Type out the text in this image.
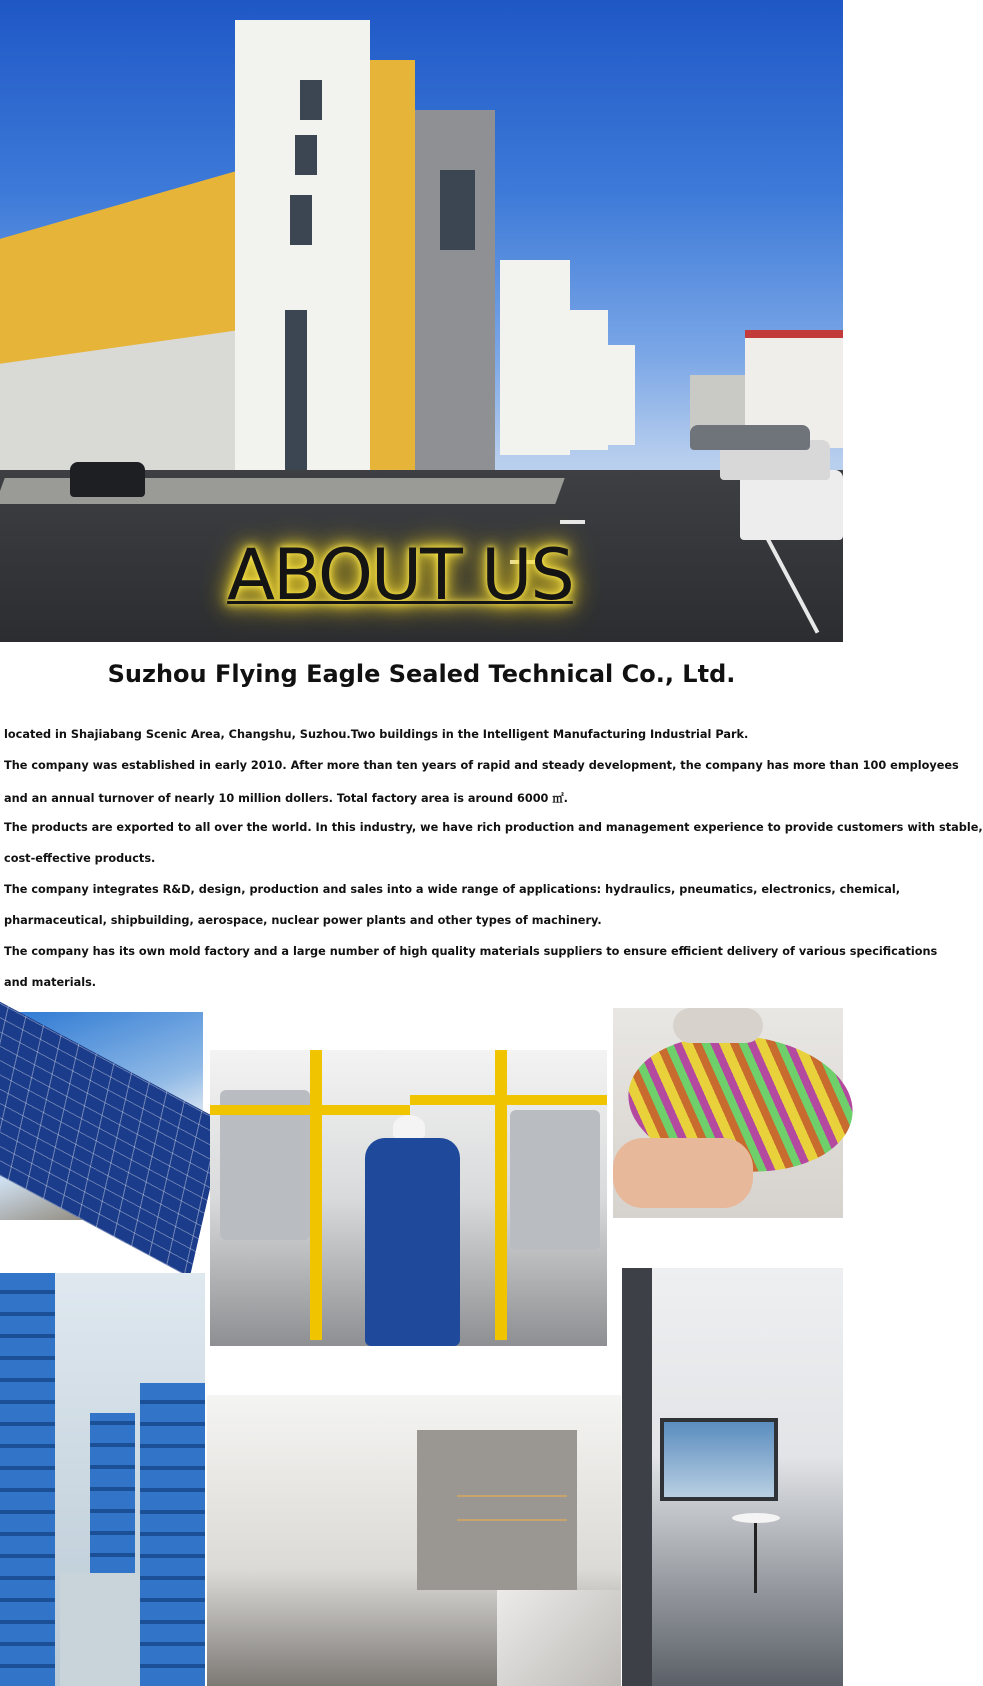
ABOUT US
Suzhou Flying Eagle Sealed Technical Co., Ltd.
located in Shajiabang Scenic Area, Changshu, Suzhou.Two buildings in the Intelligent Manufacturing Industrial Park.
The company was established in early 2010. After more than ten years of rapid and steady development, the company has more than 100 employees
and an annual turnover of nearly 10 million dollers. Total factory area is around 6000 ㎡.
The products are exported to all over the world. In this industry, we have rich production and management experience to provide customers with stable,
cost-effective products.
The company integrates R&D, design, production and sales into a wide range of applications: hydraulics, pneumatics, electronics, chemical,
pharmaceutical, shipbuilding, aerospace, nuclear power plants and other types of machinery.
The company has its own mold factory and a large number of high quality materials suppliers to ensure efficient delivery of various specifications
and materials.
